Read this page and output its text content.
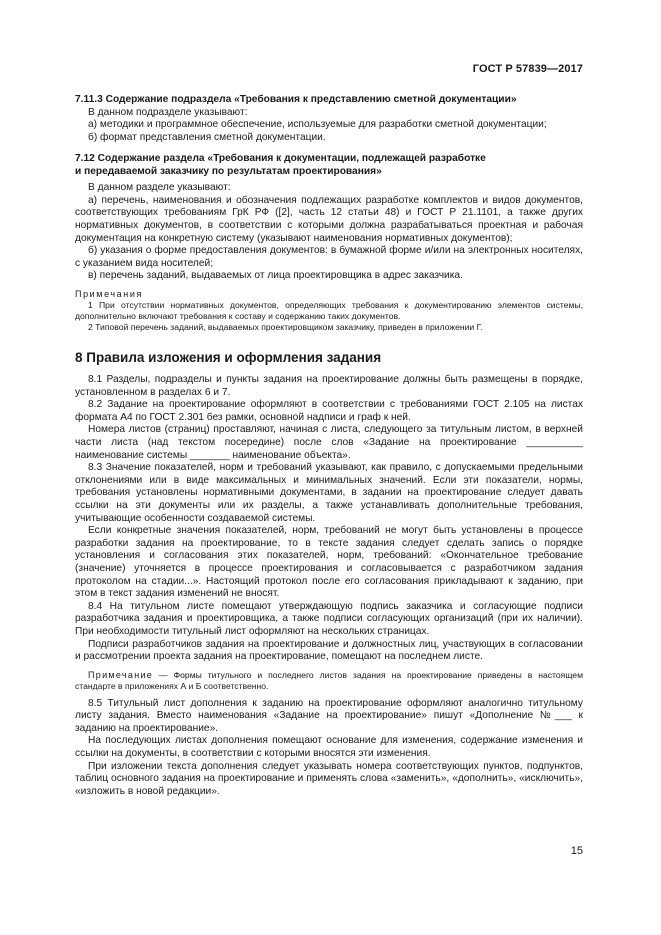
ГОСТ Р 57839—2017

7.11.3 Содержание подраздела «Требования к представлению сметной документации»

В данном подразделе указывают:

а) методики и программное обеспечение, используемые для разработки сметной документации;

б) формат представления сметной документации.

7.12 Содержание раздела «Требования к документации, подлежащей разработке

и передаваемой заказчику по результатам проектирования»

В данном разделе указывают:

а) перечень, наименования и обозначения подлежащих разработке комплектов и видов документов, соответствующих требованиям ГрК РФ ([2], часть 12 статьи 48) и ГОСТ Р 21.1101, а также других нормативных документов, в соответствии с которыми должна разрабатываться проектная и рабочая документация на конкретную систему (указывают наименования нормативных документов);

б) указания о форме предоставления документов: в бумажной форме и/или на электронных носителях, с указанием вида носителей;

в) перечень заданий, выдаваемых от лица проектировщика в адрес заказчика.

Примечания

1 При отсутствии нормативных документов, определяющих требования к документированию элементов системы, дополнительно включают требования к составу и содержанию таких документов.

2 Типовой перечень заданий, выдаваемых проектировщиком заказчику, приведен в приложении Г.

8 Правила изложения и оформления задания

8.1 Разделы, подразделы и пункты задания на проектирование должны быть размещены в порядке, установленном в разделах 6 и 7.

8.2 Задание на проектирование оформляют в соответствии с требованиями ГОСТ 2.105 на листах формата А4 по ГОСТ 2.301 без рамки, основной надписи и граф к ней.

Номера листов (страниц) проставляют, начиная с листа, следующего за титульным листом, в верхней части листа (над текстом посередине) после слов «Задание на проектирование __________ наименование системы _______ наименование объекта».

8.3 Значение показателей, норм и требований указывают, как правило, с допускаемыми предельными отклонениями или в виде максимальных и минимальных значений. Если эти показатели, нормы, требования установлены нормативными документами, в задании на проектирование следует давать ссылки на эти документы или их разделы, а также устанавливать дополнительные требования, учитывающие особенности создаваемой системы.

Если конкретные значения показателей, норм, требований не могут быть установлены в процессе разработки задания на проектирование, то в тексте задания следует сделать запись о порядке установления и согласования этих показателей, норм, требований: «Окончательное требование (значение) уточняется в процессе проектирования и согласовывается с разработчиком задания протоколом на стадии...». Настоящий протокол после его согласования прикладывают к заданию, при этом в текст задания изменений не вносят.

8.4 На титульном листе помещают утверждающую подпись заказчика и согласующие подписи разработчика задания и проектировщика, а также подписи согласующих организаций (при их наличии). При необходимости титульный лист оформляют на нескольких страницах.

Подписи разработчиков задания на проектирование и должностных лиц, участвующих в согласовании и рассмотрении проекта задания на проектирование, помещают на последнем листе.

Примечание — Формы титульного и последнего листов задания на проектирование приведены в настоящем стандарте в приложениях А и Б соответственно.

8.5 Титульный лист дополнения к заданию на проектирование оформляют аналогично титульному листу задания. Вместо наименования «Задание на проектирование» пишут «Дополнение №___ к заданию на проектирование».

На последующих листах дополнения помещают основание для изменения, содержание изменения и ссылки на документы, в соответствии с которыми вносятся эти изменения.

При изложении текста дополнения следует указывать номера соответствующих пунктов, подпунктов, таблиц основного задания на проектирование и применять слова «заменить», «дополнить», «исключить», «изложить в новой редакции».

15
